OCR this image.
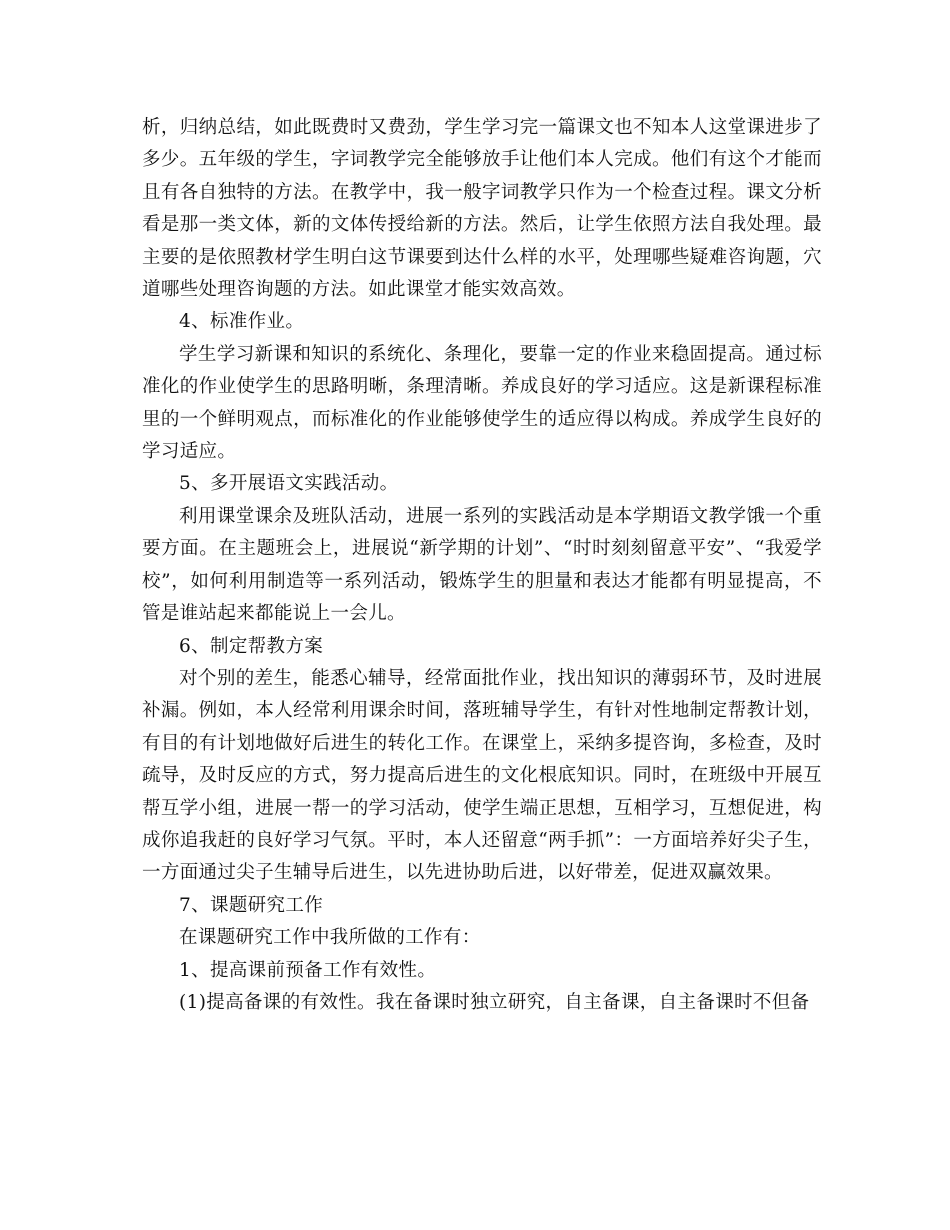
析，归纳总结，如此既费时又费劲，学生学习完一篇课文也不知本人这堂课进步了多少。五年级的学生，字词教学完全能够放手让他们本人完成。他们有这个才能而且有各自独特的方法。在教学中，我一般字词教学只作为一个检查过程。课文分析看是那一类文体，新的文体传授给新的方法。然后，让学生依照方法自我处理。最主要的是依照教材学生明白这节课要到达什么样的水平，处理哪些疑难咨询题，穴道哪些处理咨询题的方法。如此课堂才能实效高效。

4、标准作业。

学生学习新课和知识的系统化、条理化，要靠一定的作业来稳固提高。通过标准化的作业使学生的思路明晰，条理清晰。养成良好的学习适应。这是新课程标准里的一个鲜明观点，而标准化的作业能够使学生的适应得以构成。养成学生良好的学习适应。

5、多开展语文实践活动。

利用课堂课余及班队活动，进展一系列的实践活动是本学期语文教学饿一个重要方面。在主题班会上，进展说“新学期的计划”、“时时刻刻留意平安”、“我爱学校”，如何利用制造等一系列活动，锻炼学生的胆量和表达才能都有明显提高，不管是谁站起来都能说上一会儿。

6、制定帮教方案

对个别的差生，能悉心辅导，经常面批作业，找出知识的薄弱环节，及时进展补漏。例如，本人经常利用课余时间，落班辅导学生，有针对性地制定帮教计划，有目的有计划地做好后进生的转化工作。在课堂上，采纳多提咨询，多检查，及时疏导，及时反应的方式，努力提高后进生的文化根底知识。同时，在班级中开展互帮互学小组，进展一帮一的学习活动，使学生端正思想，互相学习，互想促进，构成你追我赶的良好学习气氛。平时，本人还留意“两手抓”：一方面培养好尖子生，一方面通过尖子生辅导后进生，以先进协助后进，以好带差，促进双赢效果。

7、课题研究工作

在课题研究工作中我所做的工作有：

1、提高课前预备工作有效性。

(1)提高备课的有效性。我在备课时独立研究，自主备课，自主备课时不但备
